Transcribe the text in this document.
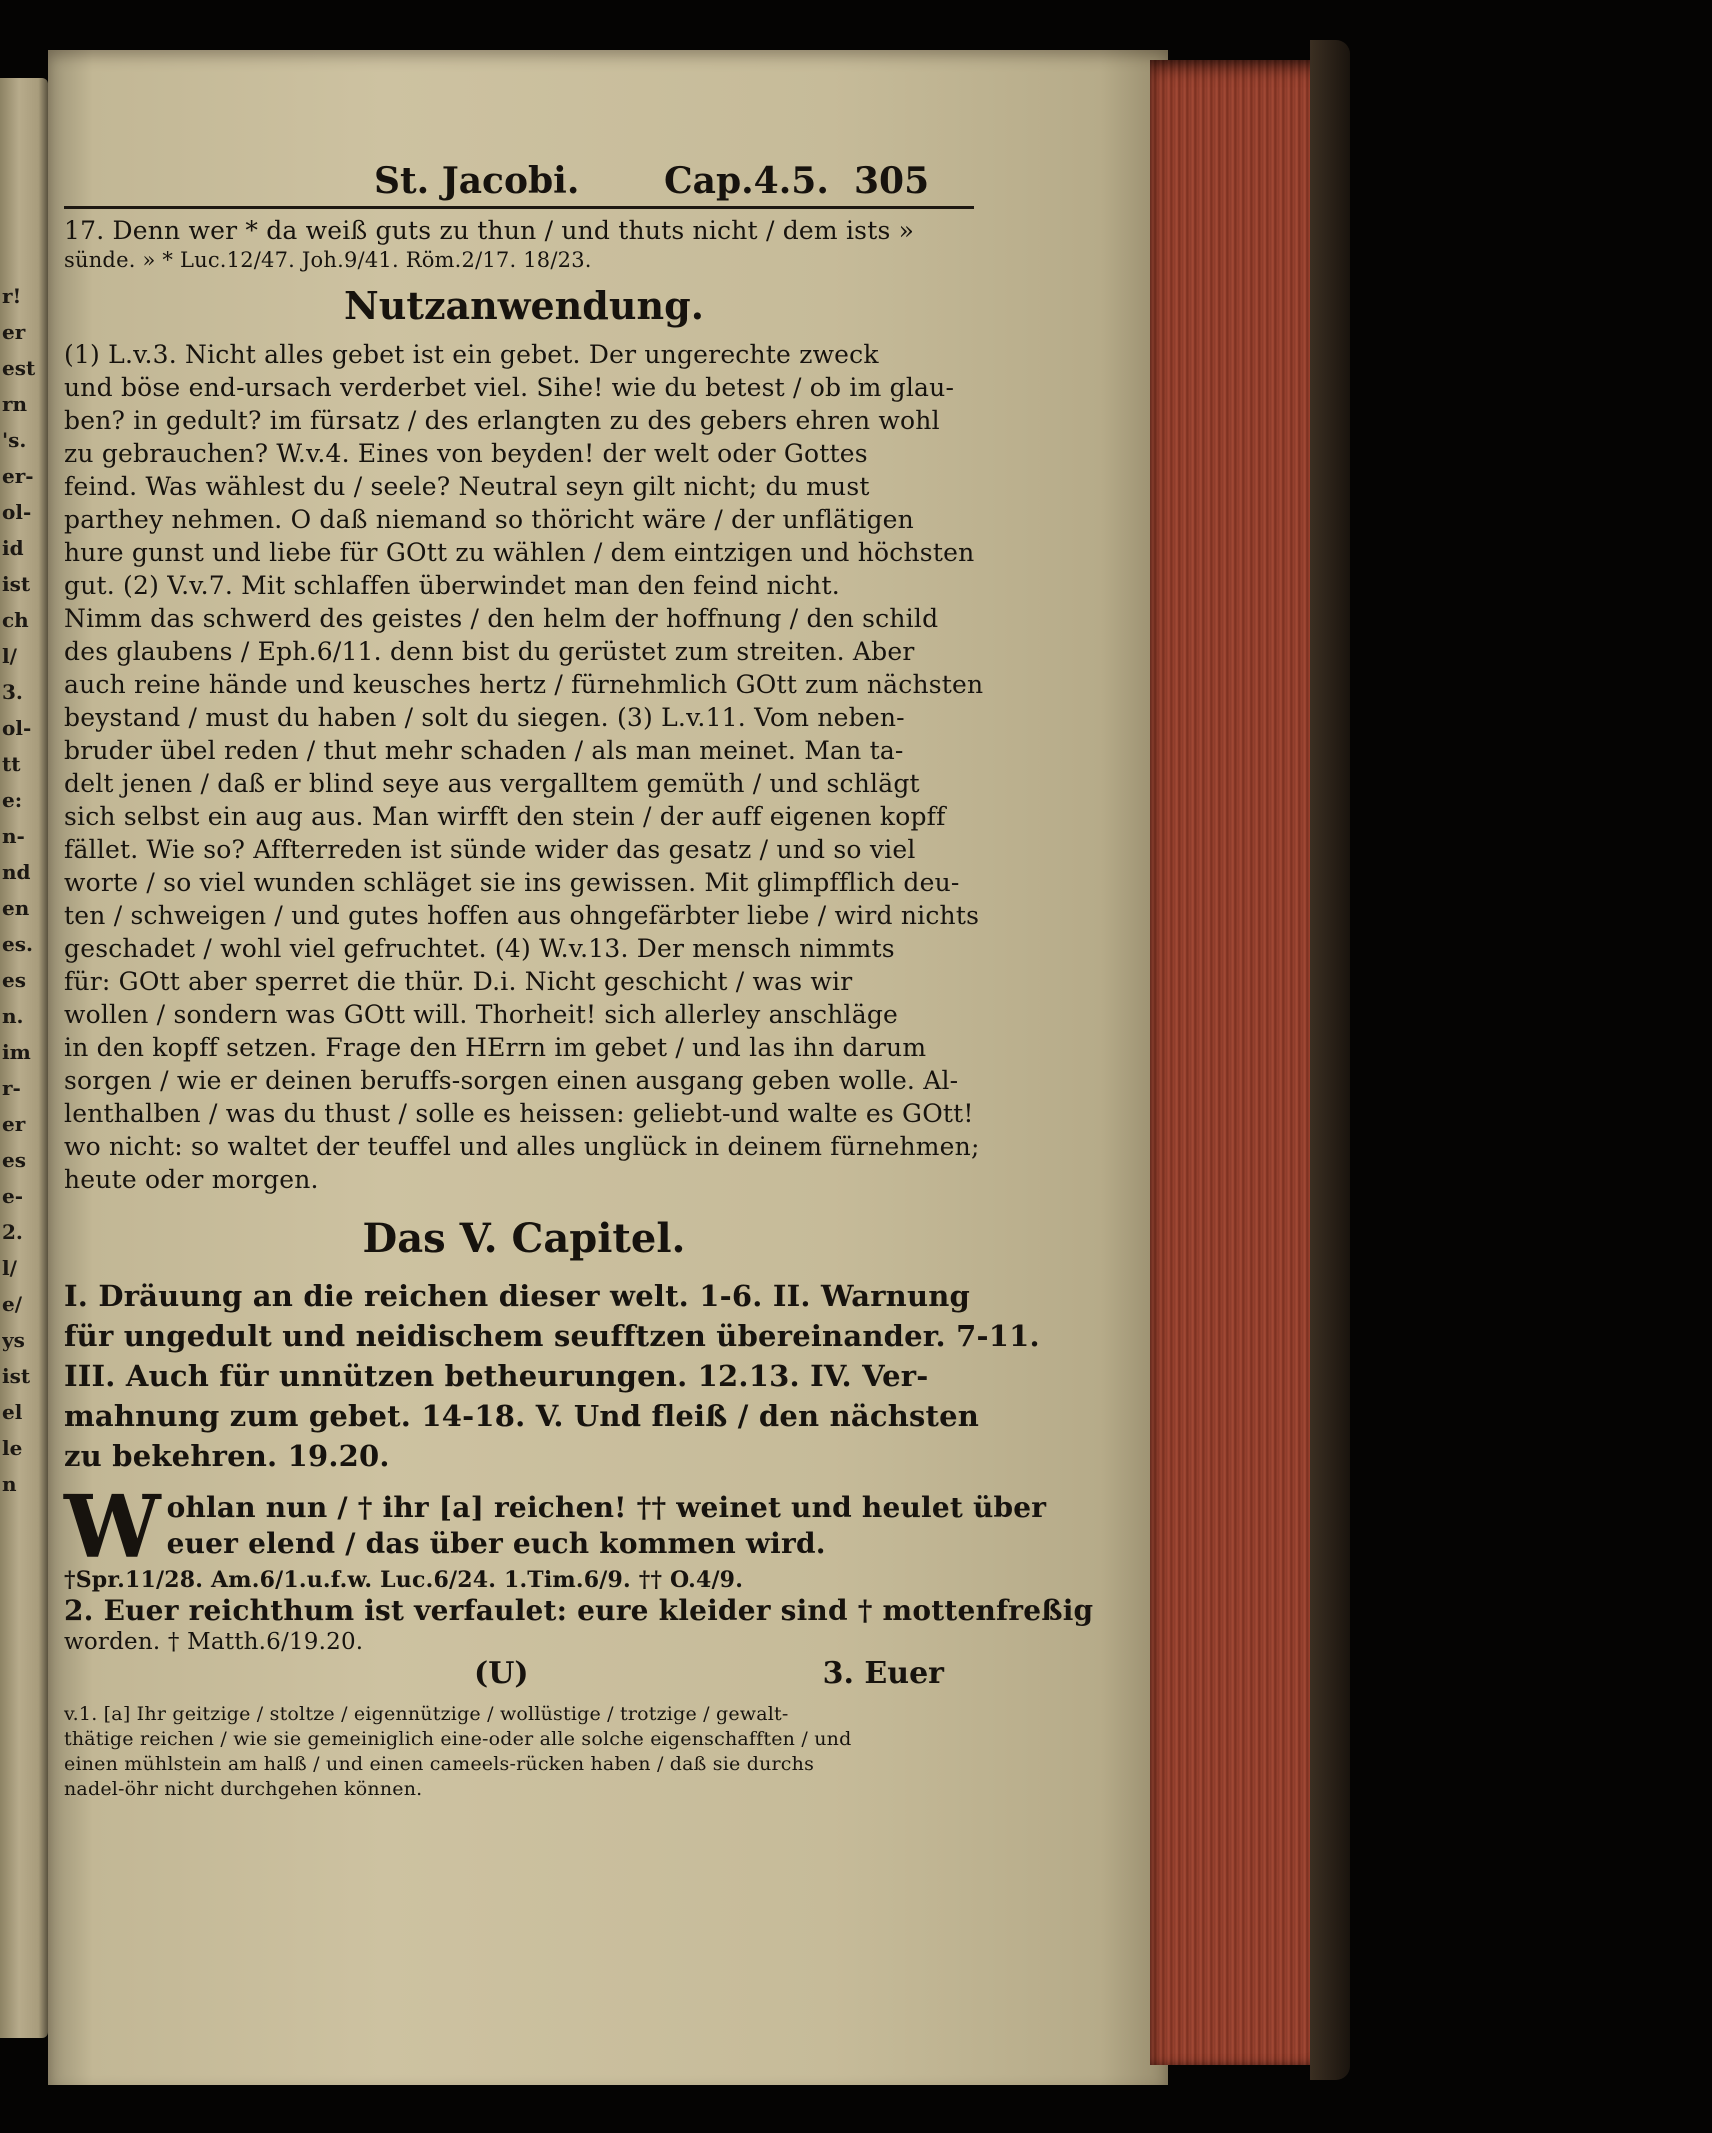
r!
er
est
rn
's.
er-
ol-
id
ist
ch
l/
3.
ol-
tt
e:
n-
nd
en
es.
es
n.
im
r-
er
es
e-
2.
l/
e/
ys
ist
el
le
n
St. Jacobi. Cap.4.5. 305
17. Denn wer * da weiß guts zu thun / und thuts nicht / dem ists »
sünde. » * Luc.12/47. Joh.9/41. Röm.2/17. 18/23.
Nutzanwendung.
(1) L.v.3. Nicht alles gebet ist ein gebet. Der ungerechte zweck
und böse end-ursach verderbet viel. Sihe! wie du betest / ob im glau-
ben? in gedult? im fürsatz / des erlangten zu des gebers ehren wohl
zu gebrauchen? W.v.4. Eines von beyden! der welt oder Gottes
feind. Was wählest du / seele? Neutral seyn gilt nicht; du must
parthey nehmen. O daß niemand so thöricht wäre / der unflätigen
hure gunst und liebe für GOtt zu wählen / dem eintzigen und höchsten
gut. (2) V.v.7. Mit schlaffen überwindet man den feind nicht.
Nimm das schwerd des geistes / den helm der hoffnung / den schild
des glaubens / Eph.6/11. denn bist du gerüstet zum streiten. Aber
auch reine hände und keusches hertz / fürnehmlich GOtt zum nächsten
beystand / must du haben / solt du siegen. (3) L.v.11. Vom neben-
bruder übel reden / thut mehr schaden / als man meinet. Man ta-
delt jenen / daß er blind seye aus vergalltem gemüth / und schlägt
sich selbst ein aug aus. Man wirfft den stein / der auff eigenen kopff
fället. Wie so? Affterreden ist sünde wider das gesatz / und so viel
worte / so viel wunden schläget sie ins gewissen. Mit glimpfflich deu-
ten / schweigen / und gutes hoffen aus ohngefärbter liebe / wird nichts
geschadet / wohl viel gefruchtet. (4) W.v.13. Der mensch nimmts
für: GOtt aber sperret die thür. D.i. Nicht geschicht / was wir
wollen / sondern was GOtt will. Thorheit! sich allerley anschläge
in den kopff setzen. Frage den HErrn im gebet / und las ihn darum
sorgen / wie er deinen beruffs-sorgen einen ausgang geben wolle. Al-
lenthalben / was du thust / solle es heissen: geliebt-und walte es GOtt!
wo nicht: so waltet der teuffel und alles unglück in deinem fürnehmen;
heute oder morgen.
Das V. Capitel.
I. Dräuung an die reichen dieser welt. 1-6. II. Warnung
für ungedult und neidischem seufftzen übereinander. 7-11.
III. Auch für unnützen betheurungen. 12.13. IV. Ver-
mahnung zum gebet. 14-18. V. Und fleiß / den nächsten
zu bekehren. 19.20.
W ohlan nun / † ihr [a] reichen! †† weinet und heulet über
euer elend / das über euch kommen wird.
†Spr.11/28. Am.6/1.u.f.w. Luc.6/24. 1.Tim.6/9. †† O.4/9.
2. Euer reichthum ist verfaulet: eure kleider sind † mottenfreßig
worden. † Matth.6/19.20.
(U)	3. Euer
v.1. [a] Ihr geitzige / stoltze / eigennützige / wollüstige / trotzige / gewalt-
thätige reichen / wie sie gemeiniglich eine-oder alle solche eigenschafften / und
einen mühlstein am halß / und einen cameels-rücken haben / daß sie durchs
nadel-öhr nicht durchgehen können.
